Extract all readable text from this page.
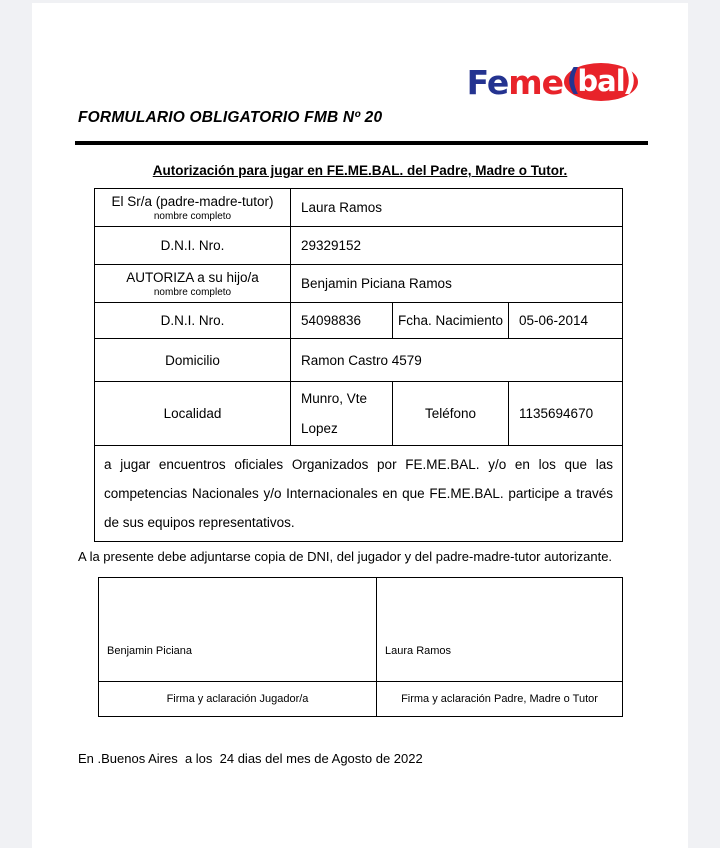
Fe me (
bal
)
FORMULARIO OBLIGATORIO FMB Nº 20
Autorización para jugar en FE.ME.BAL. del Padre, Madre o Tutor.
El Sr/a (padre-madre-tutor)
nombre completo	Laura Ramos		
D.N.I. Nro.	29329152		
AUTORIZA a su hijo/a
nombre completo	Benjamin Piciana Ramos		
D.N.I. Nro.	54098836	Fcha. Nacimiento	05-06-2014
Domicilio	Ramon Castro 4579		
Localidad	Munro, Vte Lopez	Teléfono	1135694670
a jugar encuentros oficiales Organizados por FE.ME.BAL. y/o en los que las competencias Nacionales y/o Internacionales en que FE.ME.BAL. participe a través de sus equipos representativos.			
A la presente debe adjuntarse copia de DNI, del jugador y del padre-madre-tutor autorizante.
Benjamin Piciana	Laura Ramos
Firma y aclaración Jugador/a	Firma y aclaración Padre, Madre o Tutor
En .Buenos Aires  a los  24 dias del mes de Agosto de 2022
